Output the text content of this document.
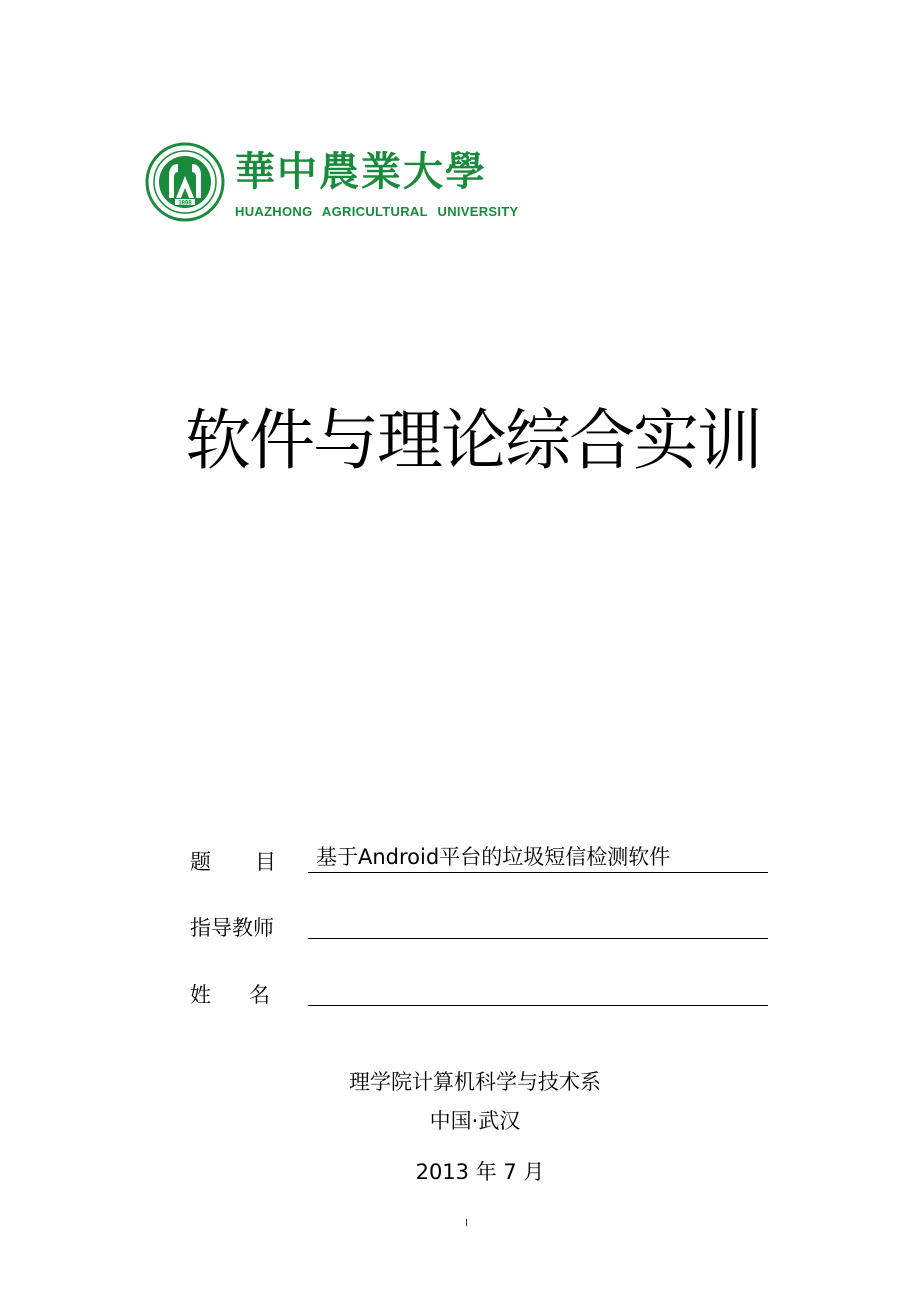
1898
華中農業大學
HUAZHONG AGRICULTURAL UNIVERSITY
软件与理论综合实训
题目
基于Android平台的垃圾短信检测软件
指导教师
姓名
理学院计算机科学与技术系
中国·武汉
2013 年 7 月
I
